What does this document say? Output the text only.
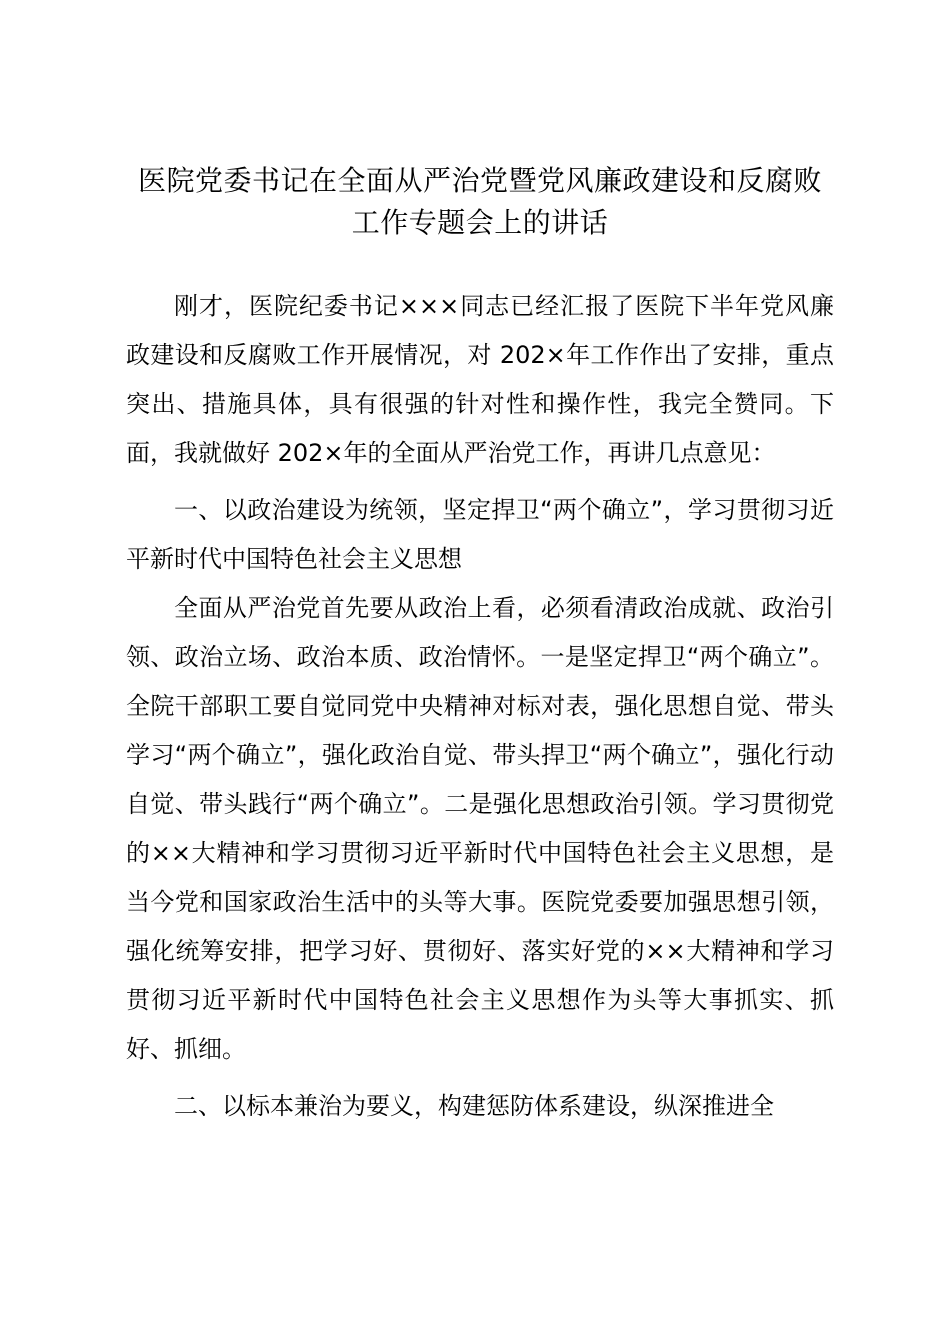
医院党委书记在全面从严治党暨党风廉政建设和反腐败
工作专题会上的讲话

刚才，医院纪委书记×××同志已经汇报了医院下半年党风廉政建设和反腐败工作开展情况，对 202×年工作作出了安排，重点突出、措施具体，具有很强的针对性和操作性，我完全赞同。下面，我就做好 202×年的全面从严治党工作，再讲几点意见：

一、以政治建设为统领，坚定捍卫“两个确立”，学习贯彻习近平新时代中国特色社会主义思想

全面从严治党首先要从政治上看，必须看清政治成就、政治引领、政治立场、政治本质、政治情怀。一是坚定捍卫“两个确立”。全院干部职工要自觉同党中央精神对标对表，强化思想自觉、带头学习“两个确立”，强化政治自觉、带头捍卫“两个确立”，强化行动自觉、带头践行“两个确立”。二是强化思想政治引领。学习贯彻党的××大精神和学习贯彻习近平新时代中国特色社会主义思想，是当今党和国家政治生活中的头等大事。医院党委要加强思想引领，强化统筹安排，把学习好、贯彻好、落实好党的××大精神和学习贯彻习近平新时代中国特色社会主义思想作为头等大事抓实、抓好、抓细。

二、以标本兼治为要义，构建惩防体系建设，纵深推进全
